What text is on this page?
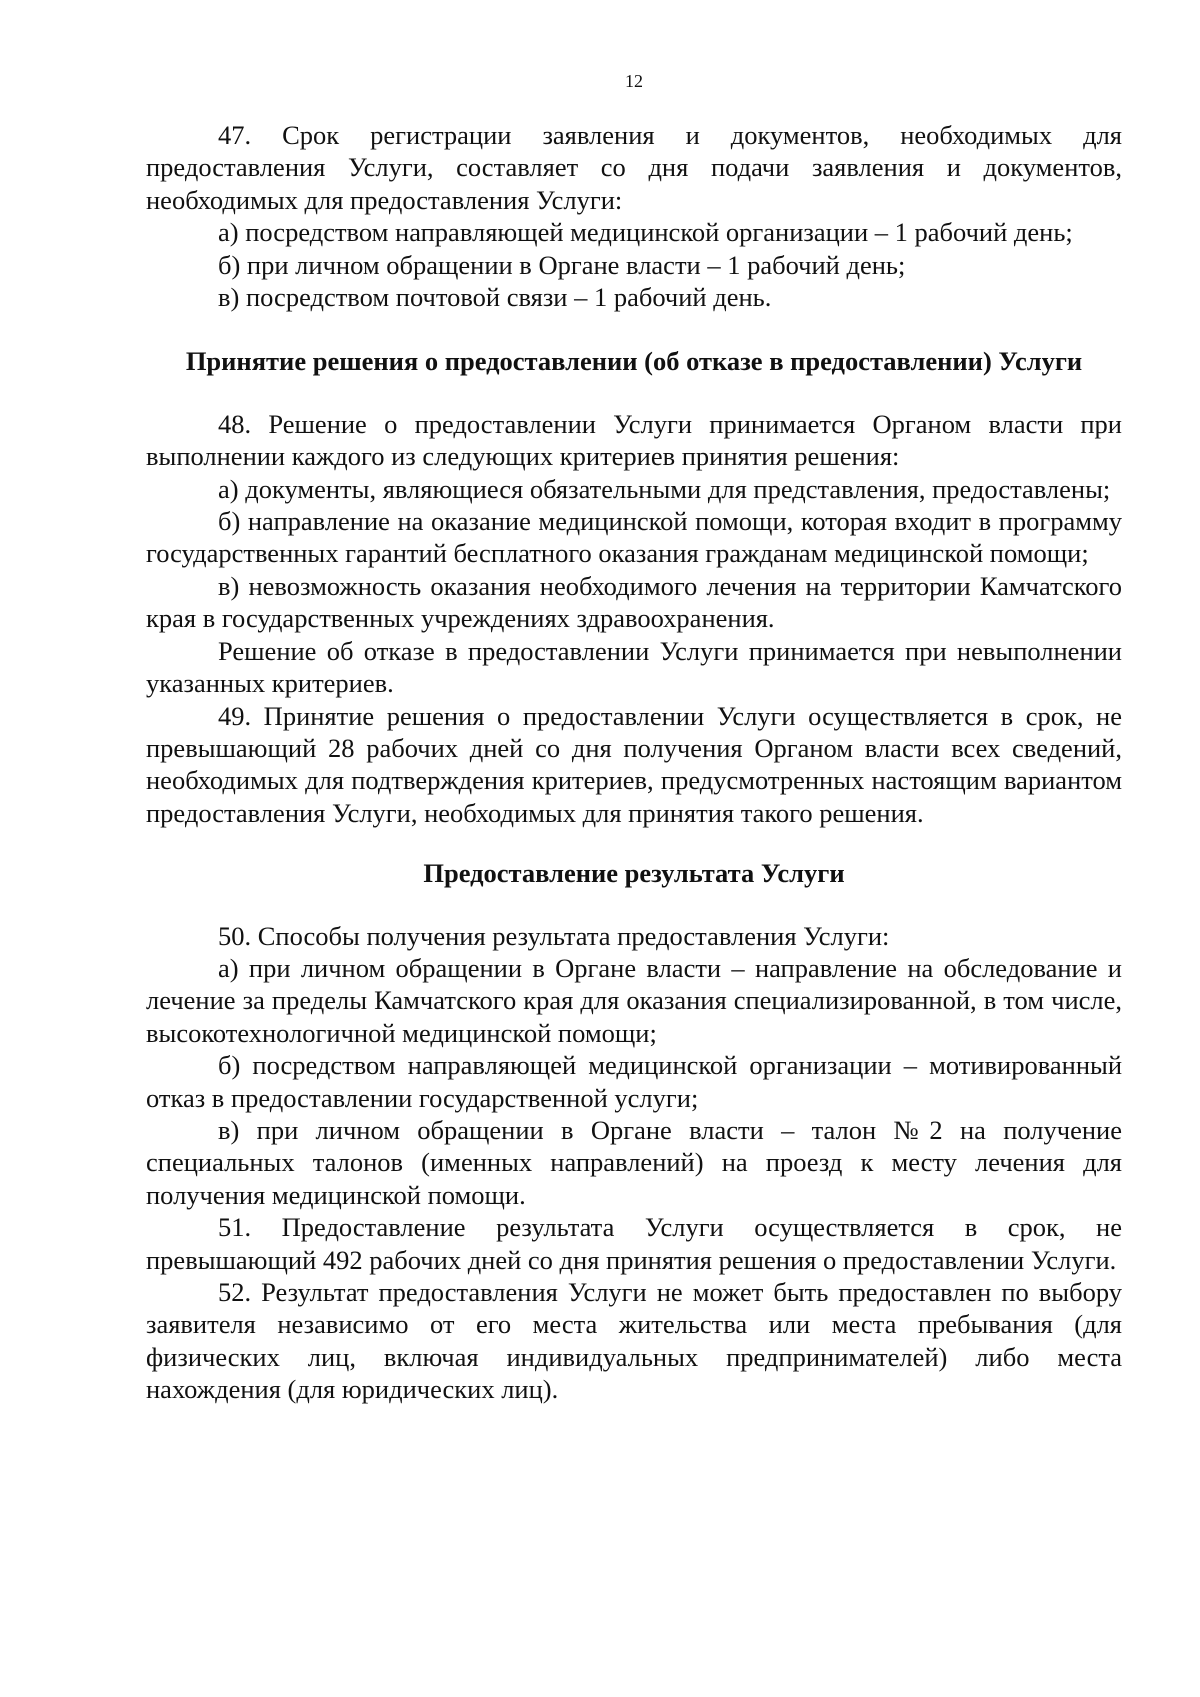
12

47. Срок регистрации заявления и документов, необходимых для предоставления Услуги, составляет со дня подачи заявления и документов, необходимых для предоставления Услуги:

а) посредством направляющей медицинской организации – 1 рабочий день;

б) при личном обращении в Органе власти – 1 рабочий день;

в) посредством почтовой связи – 1 рабочий день.

Принятие решения о предоставлении (об отказе в предоставлении) Услуги

48. Решение о предоставлении Услуги принимается Органом власти при выполнении каждого из следующих критериев принятия решения:

а) документы, являющиеся обязательными для представления, предоставлены;

б) направление на оказание медицинской помощи, которая входит в программу государственных гарантий бесплатного оказания гражданам медицинской помощи;

в) невозможность оказания необходимого лечения на территории Камчатского края в государственных учреждениях здравоохранения.

Решение об отказе в предоставлении Услуги принимается при невыполнении указанных критериев.

49. Принятие решения о предоставлении Услуги осуществляется в срок, не превышающий 28 рабочих дней со дня получения Органом власти всех сведений, необходимых для подтверждения критериев, предусмотренных настоящим вариантом предоставления Услуги, необходимых для принятия такого решения.

Предоставление результата Услуги

50. Способы получения результата предоставления Услуги:

а) при личном обращении в Органе власти – направление на обследование и лечение за пределы Камчатского края для оказания специализированной, в том числе, высокотехнологичной медицинской помощи;

б) посредством направляющей медицинской организации – мотивированный отказ в предоставлении государственной услуги;

в) при личном обращении в Органе власти – талон №2 на получение специальных талонов (именных направлений) на проезд к месту лечения для получения медицинской помощи.

51. Предоставление результата Услуги осуществляется в срок, не превышающий 492 рабочих дней со дня принятия решения о предоставлении Услуги.

52. Результат предоставления Услуги не может быть предоставлен по выбору заявителя независимо от его места жительства или места пребывания (для физических лиц, включая индивидуальных предпринимателей) либо места нахождения (для юридических лиц).
